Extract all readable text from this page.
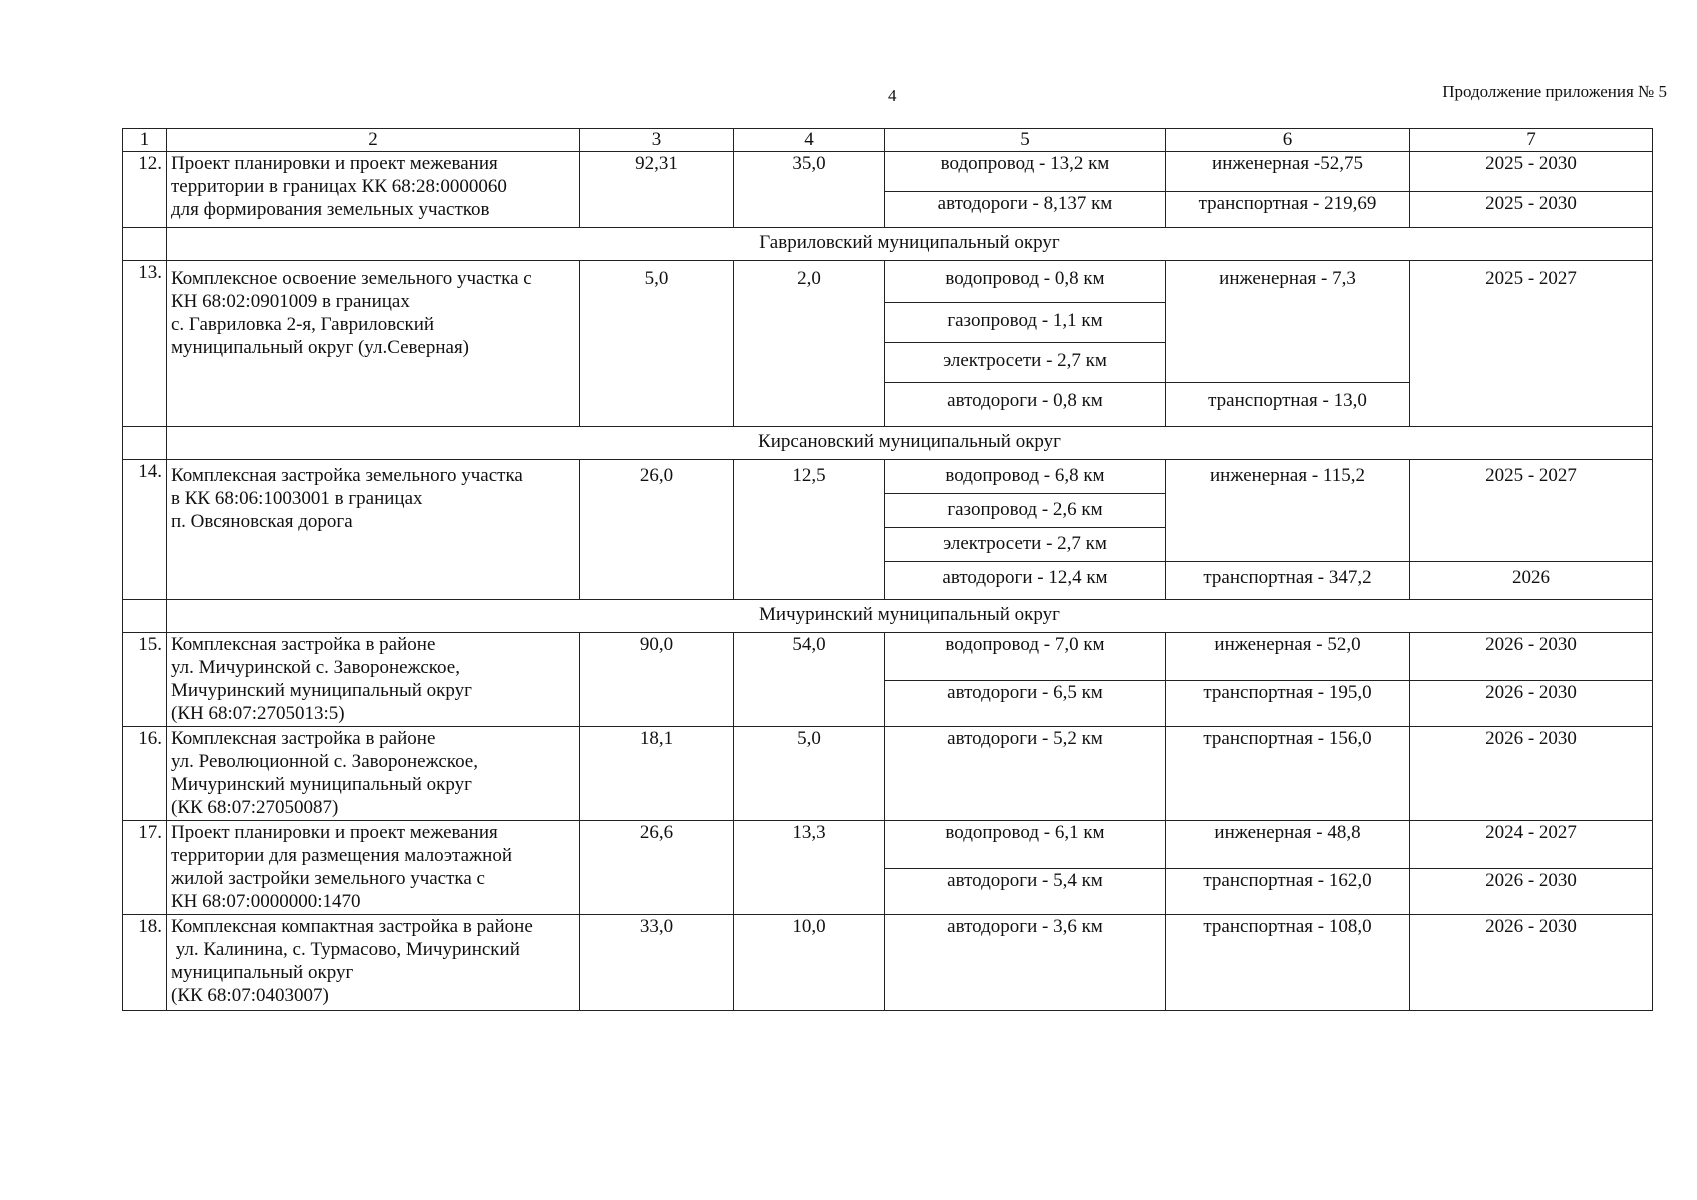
4	Продолжение приложения № 5
1	2	3	4	5	6	7
12.	Проект планировки и проект межевания
территории в границах КК 68:28:0000060
для формирования земельных участков	92,31	35,0	водопровод - 13,2 км	инженерная -52,75	2025 - 2030
				автодороги - 8,137 км	транспортная - 219,69	2025 - 2030
	Гавриловский муниципальный округ					
13.	Комплексное освоение земельного участка с
КН 68:02:0901009 в границах
с. Гавриловка 2-я, Гавриловский
муниципальный округ (ул.Северная)	5,0	2,0	водопровод - 0,8 км	инженерная - 7,3	2025 - 2027
				газопровод - 1,1 км		
				электросети - 2,7 км		
				автодороги - 0,8 км	транспортная - 13,0	
	Кирсановский муниципальный округ					
14.	Комплексная застройка земельного участка
в КК 68:06:1003001 в границах
п. Овсяновская дорога	26,0	12,5	водопровод - 6,8 км	инженерная - 115,2	2025 - 2027
				газопровод - 2,6 км		
				электросети - 2,7 км		
				автодороги - 12,4 км	транспортная - 347,2	2026
	Мичуринский муниципальный округ					
15.	Комплексная застройка в районе
ул. Мичуринской с. Заворонежское,
Мичуринский муниципальный округ
(КН 68:07:2705013:5)	90,0	54,0	водопровод - 7,0 км	инженерная - 52,0	2026 - 2030
				автодороги - 6,5 км	транспортная - 195,0	2026 - 2030
16.	Комплексная застройка в районе
ул. Революционной с. Заворонежское,
Мичуринский муниципальный округ
(КК 68:07:27050087)	18,1	5,0	автодороги - 5,2 км	транспортная - 156,0	2026 - 2030
17.	Проект планировки и проект межевания
территории для размещения малоэтажной
жилой застройки земельного участка с
КН 68:07:0000000:1470	26,6	13,3	водопровод - 6,1 км	инженерная - 48,8	2024 - 2027
				автодороги - 5,4 км	транспортная - 162,0	2026 - 2030
18.	Комплексная компактная застройка в районе
ул. Калинина, с. Турмасово, Мичуринский
муниципальный округ
(КК 68:07:0403007)	33,0	10,0	автодороги - 3,6 км	транспортная - 108,0	2026 - 2030
